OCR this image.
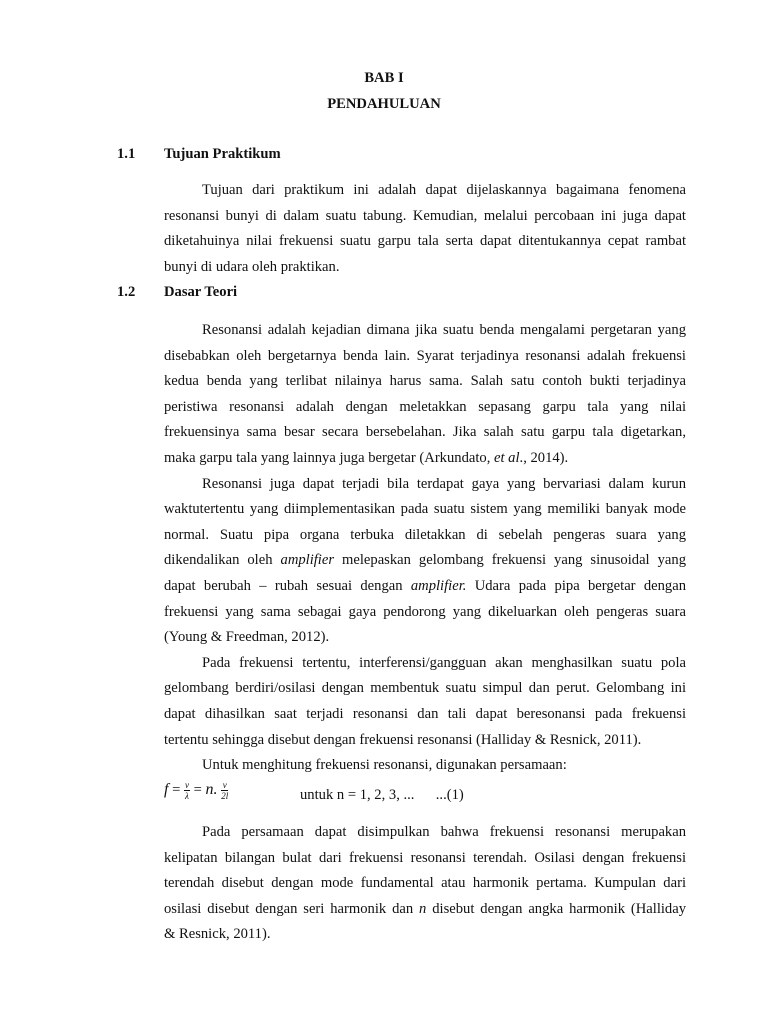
BAB I
PENDAHULUAN
1.1 Tujuan Praktikum
Tujuan dari praktikum ini adalah dapat dijelaskannya bagaimana fenomena
resonansi bunyi di dalam suatu tabung. Kemudian, melalui percobaan ini juga dapat
diketahuinya nilai frekuensi suatu garpu tala serta dapat ditentukannya cepat rambat
bunyi di udara oleh praktikan.
1.2 Dasar Teori
Resonansi adalah kejadian dimana jika suatu benda mengalami pergetaran yang
disebabkan oleh bergetarnya benda lain. Syarat terjadinya resonansi adalah frekuensi
kedua benda yang terlibat nilainya harus sama. Salah satu contoh bukti terjadinya
peristiwa resonansi adalah dengan meletakkan sepasang garpu tala yang nilai
frekuensinya sama besar secara bersebelahan. Jika salah satu garpu tala digetarkan,
maka garpu tala yang lainnya juga bergetar (Arkundato, et al., 2014).
Resonansi juga dapat terjadi bila terdapat gaya yang bervariasi dalam kurun
waktutertentu yang diimplementasikan pada suatu sistem yang memiliki banyak mode
normal. Suatu pipa organa terbuka diletakkan di sebelah pengeras suara yang
dikendalikan oleh amplifier melepaskan gelombang frekuensi yang sinusoidal yang
dapat berubah – rubah sesuai dengan amplifier. Udara pada pipa bergetar dengan
frekuensi yang sama sebagai gaya pendorong yang dikeluarkan oleh pengeras suara
(Young & Freedman, 2012).
Pada frekuensi tertentu, interferensi/gangguan akan menghasilkan suatu pola
gelombang berdiri/osilasi dengan membentuk suatu simpul dan perut. Gelombang ini
dapat dihasilkan saat terjadi resonansi dan tali dapat beresonansi pada frekuensi
tertentu sehingga disebut dengan frekuensi resonansi (Halliday & Resnick, 2011).
Untuk menghitung frekuensi resonansi, digunakan persamaan:
$f = \frac{v}{\lambda} = n$. $\frac{v}{2l}$	untuk n = 1, 2, 3, ... ...(1)
Pada persamaan dapat disimpulkan bahwa frekuensi resonansi merupakan
kelipatan bilangan bulat dari frekuensi resonansi terendah. Osilasi dengan frekuensi
terendah disebut dengan mode fundamental atau harmonik pertama. Kumpulan dari
osilasi disebut dengan seri harmonik dan n disebut dengan angka harmonik (Halliday
& Resnick, 2011).
